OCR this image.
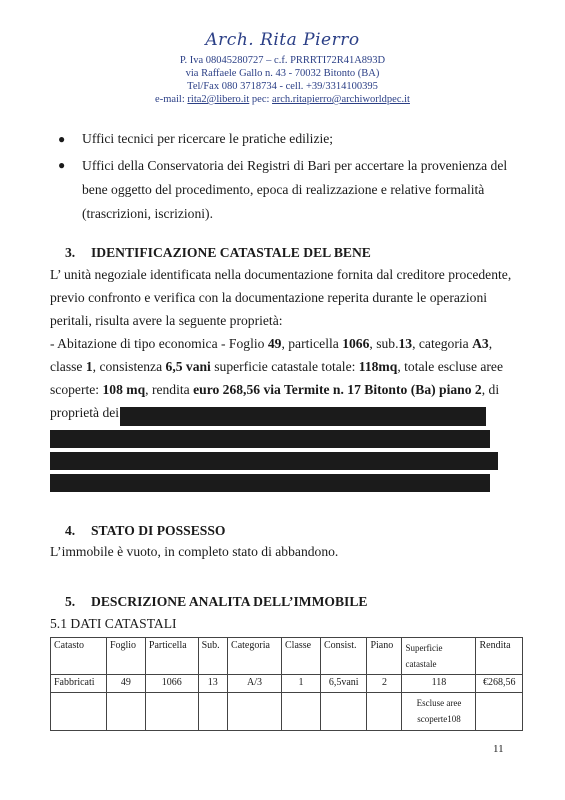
Arch. Rita Pierro
P. Iva 08045280727 – c.f. PRRRTI72R41A893D
via Raffaele Gallo n. 43 - 70032 Bitonto (BA)
Tel/Fax 080 3718734 - cell. +39/3314100395
e-mail: rita2@libero.it pec: arch.ritapierro@archiworldpec.it
●	Uffici tecnici per ricercare le pratiche edilizie;
●	Uffici della Conservatoria dei Registri di Bari per accertare la provenienza del bene oggetto del procedimento, epoca di realizzazione e relative formalità (trascrizioni, iscrizioni).
3. IDENTIFICAZIONE CATASTALE DEL BENE
L’ unità negoziale identificata nella documentazione fornita dal creditore procedente, previo confronto e verifica con la documentazione reperita durante le operazioni peritali, risulta avere la seguente proprietà:
- Abitazione di tipo economica - Foglio 49, particella 1066, sub.13, categoria A3, classe 1, consistenza 6,5 vani superficie catastale totale: 118mq, totale escluse aree scoperte: 108 mq, rendita euro 268,56 via Termite n. 17 Bitonto (Ba) piano 2, di proprietà dei
4. STATO DI POSSESSO
L’immobile è vuoto, in completo stato di abbandono.
5. DESCRIZIONE ANALITA DELL’IMMOBILE
5.1 DATI CATASTALI
Catasto	Foglio	Particella	Sub.	Categoria	Classe	Consist.	Piano	Superficie catastale	Rendita
Fabbricati	49	1066	13	A/3	1	6,5vani	2	118	€268,56
								Escluse aree scoperte108	
11
